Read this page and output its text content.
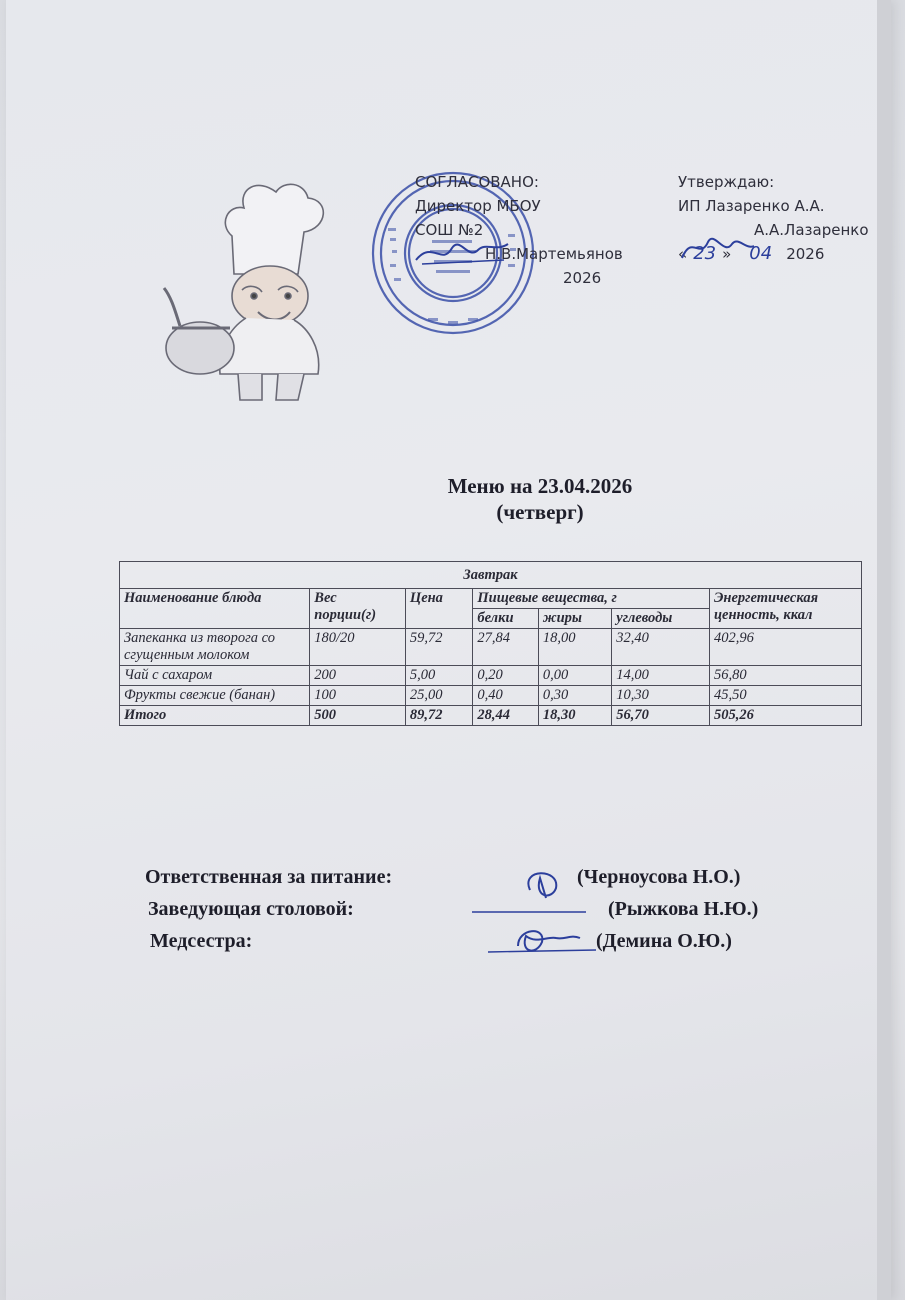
СОГЛАСОВАНО:
Директор МБОУ
СОШ №2
Н.В.Мартемьянов
2026
Утверждаю:
ИП Лазаренко А.А.
А.А.Лазаренко
« 23 » 04 2026
Меню на 23.04.2026
(четверг)
Завтрак						
Наименование блюда	Вес порции(г)	Цена	Пищевые вещества, г			Энергетическая ценность, ккал
			белки	жиры	углеводы	
Запеканка из творога со сгущенным молоком	180/20	59,72	27,84	18,00	32,40	402,96
Чай с сахаром	200	5,00	0,20	0,00	14,00	56,80
Фрукты свежие (банан)	100	25,00	0,40	0,30	10,30	45,50
Итого	500	89,72	28,44	18,30	56,70	505,26
Ответственная за питание:	(Черноусова Н.О.)
Заведующая столовой:	(Рыжкова Н.Ю.)
Медсестра:	(Демина О.Ю.)
